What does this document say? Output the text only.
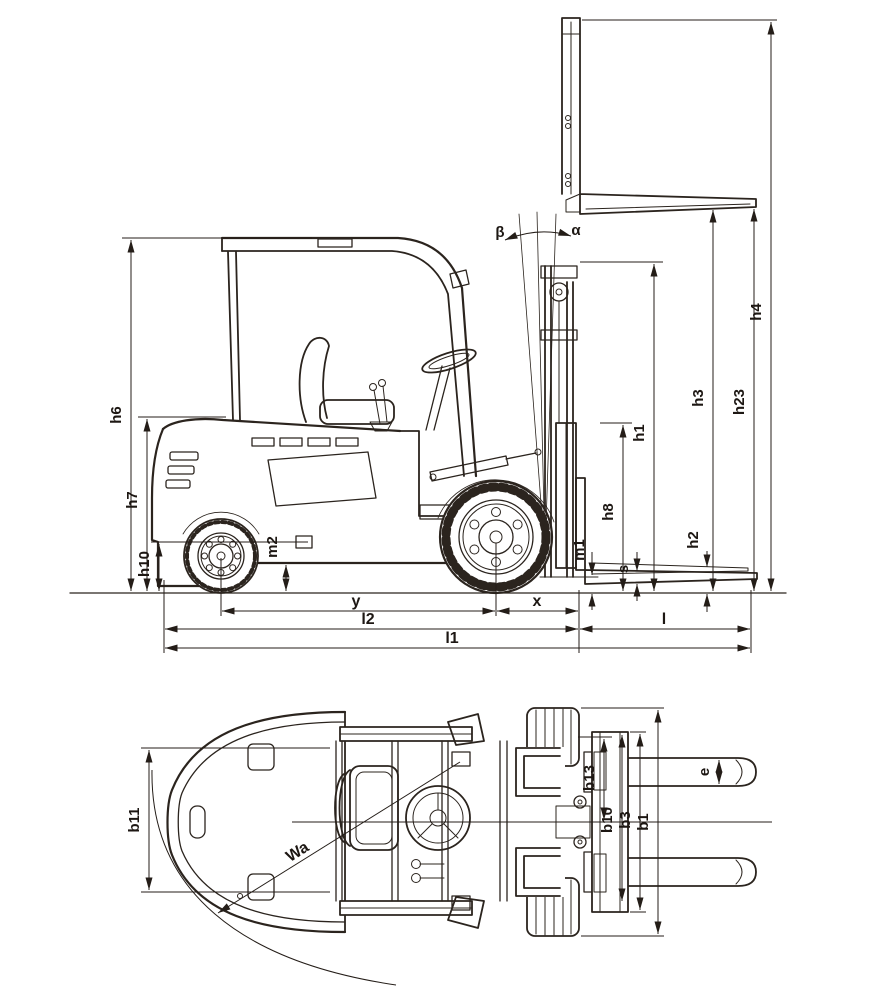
β	α
h6
h7
h10
m2
h8
h1
m1
s
h2
h3 h23
h4
y	x
l2	l
l1
Wa
b11
b13
b10 b3 b1
e
